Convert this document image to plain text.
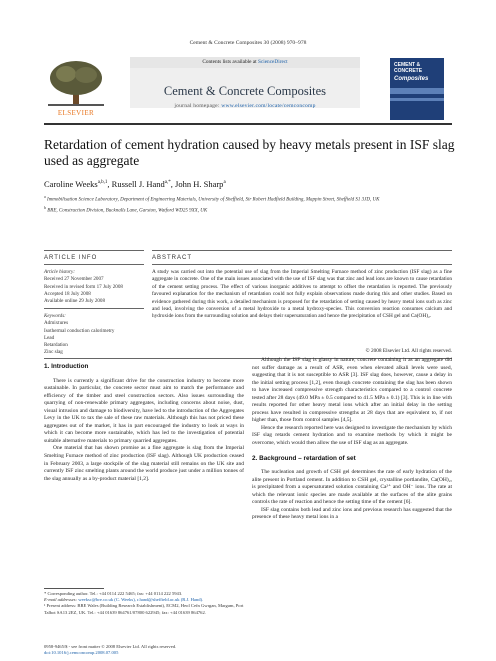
Cement & Concrete Composites 30 (2008) 970–978
ELSEVIER
Contents lists available at ScienceDirect
Cement & Concrete Composites
journal homepage: www.elsevier.com/locate/cemconcomp
CEMENT & CONCRETE
Composites
Retardation of cement hydration caused by heavy metals present in ISF slag used as aggregate
Caroline Weeks$^{a,b,1}$, Russell J. Hand$^{a,*}$, John H. Sharp$^a$
$^a$ Immobilisation Science Laboratory, Department of Engineering Materials, University of Sheffield, Sir Robert Hadfield Building, Mappin Street, Sheffield S1 3JD, UK
$^b$ BRE, Construction Division, Bucknalls Lane, Garston, Watford WD25 9XX, UK
ARTICLE INFO
Article history:
Received 27 November 2007
Received in revised form 17 July 2008
Accepted 18 July 2008
Available online 29 July 2008
Keywords:
Admixtures
Isothermal conduction calorimetry
Lead
Retardation
Zinc slag
ABSTRACT
A study was carried out into the potential use of slag from the Imperial Smelting Furnace method of zinc production (ISF slag) as a fine aggregate in concrete. One of the main issues associated with the use of ISF slag was that zinc and lead ions are known to cause retardation of the cement setting process. The effect of various inorganic additives to attempt to offset the retardation is reported. The previously favoured explanation for the mechanism of retardation could not fully explain observations made during this and other studies. Based on evidence gathered during this work, a detailed mechanism is proposed for the retardation of setting caused by heavy metal ions such as zinc and lead, involving the conversion of a metal hydroxide to a metal hydroxy-species. This conversion reaction consumes calcium and hydroxide ions from the surrounding solution and delays their supersaturation and hence the precipitation of CSH gel and Ca(OH)₂.
© 2008 Elsevier Ltd. All rights reserved.
1. Introduction

There is currently a significant drive for the construction industry to become more sustainable. In particular, the concrete sector must aim to match the performance and efficiency of the timber and steel construction sectors. Also issues surrounding the quarrying of non-renewable primary aggregates, including concerns about noise, dust, visual intrusion and damage to biodiversity, have led to the introduction of the Aggregates Levy in the UK to tax the sale of these raw materials. Although this has not priced these aggregates out of the market, it has in part encouraged the industry to look at ways in which it can become more sustainable, which has led to the investigation of potential suitable alternative materials to primary quarried aggregates.

One material that has shown promise as a fine aggregate is slag from the Imperial Smelting Furnace method of zinc production (ISF slag). Although UK production ceased in February 2003, a large stockpile of the slag material still remains on the UK site and currently ISF zinc smelting plants around the world produce just under a million tonnes of the slag annually as a by-product material [1,2].

* Corresponding author. Tel.: +44 0114 222 5465; fax: +44 0114 222 5943.
E-mail addresses: weeksc@bre.co.uk (C. Weeks), r.hand@sheffield.ac.uk (R.J. Hand).
¹ Present address: BRE Wales (Building Research Establishment), ECM2, Heol Cefn Gwrgan, Margam, Port Talbot SA13 2EZ, UK. Tel.: +44 01639 864761/07800 622945; fax: +44 01639 864762.

Although the ISF slag is glassy in nature, concrete containing it as an aggregate did not suffer damage as a result of ASR, even when elevated alkali levels were used, suggesting that it is not susceptible to ASR [3]. ISF slag does, however, cause a delay in the initial setting process [1,2], even though concrete containing the slag has been shown to have increased compressive strength characteristics compared to a control concrete tested after 28 days (49.0 MPa ± 0.5 compared to 41.5 MPa ± 0.1) [3]. This is in line with results reported for other heavy metal ions which after an initial delay in the setting process have resulted in compressive strengths at 28 days that are equivalent to, if not higher than, those from control samples [4,5].

Hence the research reported here was designed to investigate the mechanism by which ISF slag retards cement hydration and to examine methods by which it might be overcome, which would then allow the use of ISF slag as an aggregate.

2. Background – retardation of set

The nucleation and growth of CSH gel determines the rate of early hydration of the alite present in Portland cement. In addition to CSH gel, crystalline portlandite, Ca(OH)₂, is precipitated from a supersaturated solution containing Ca²⁺ and OH⁻ ions. The rate at which the relevant ionic species are made available at the surfaces of the alite grains controls the rate of reaction and hence the setting time of the cement [6].

ISF slag contains both lead and zinc ions and previous research has suggested that the presence of these heavy metal ions in a

0958-9465/$ - see front matter © 2008 Elsevier Ltd. All rights reserved.
doi:10.1016/j.cemconcomp.2008.07.005
